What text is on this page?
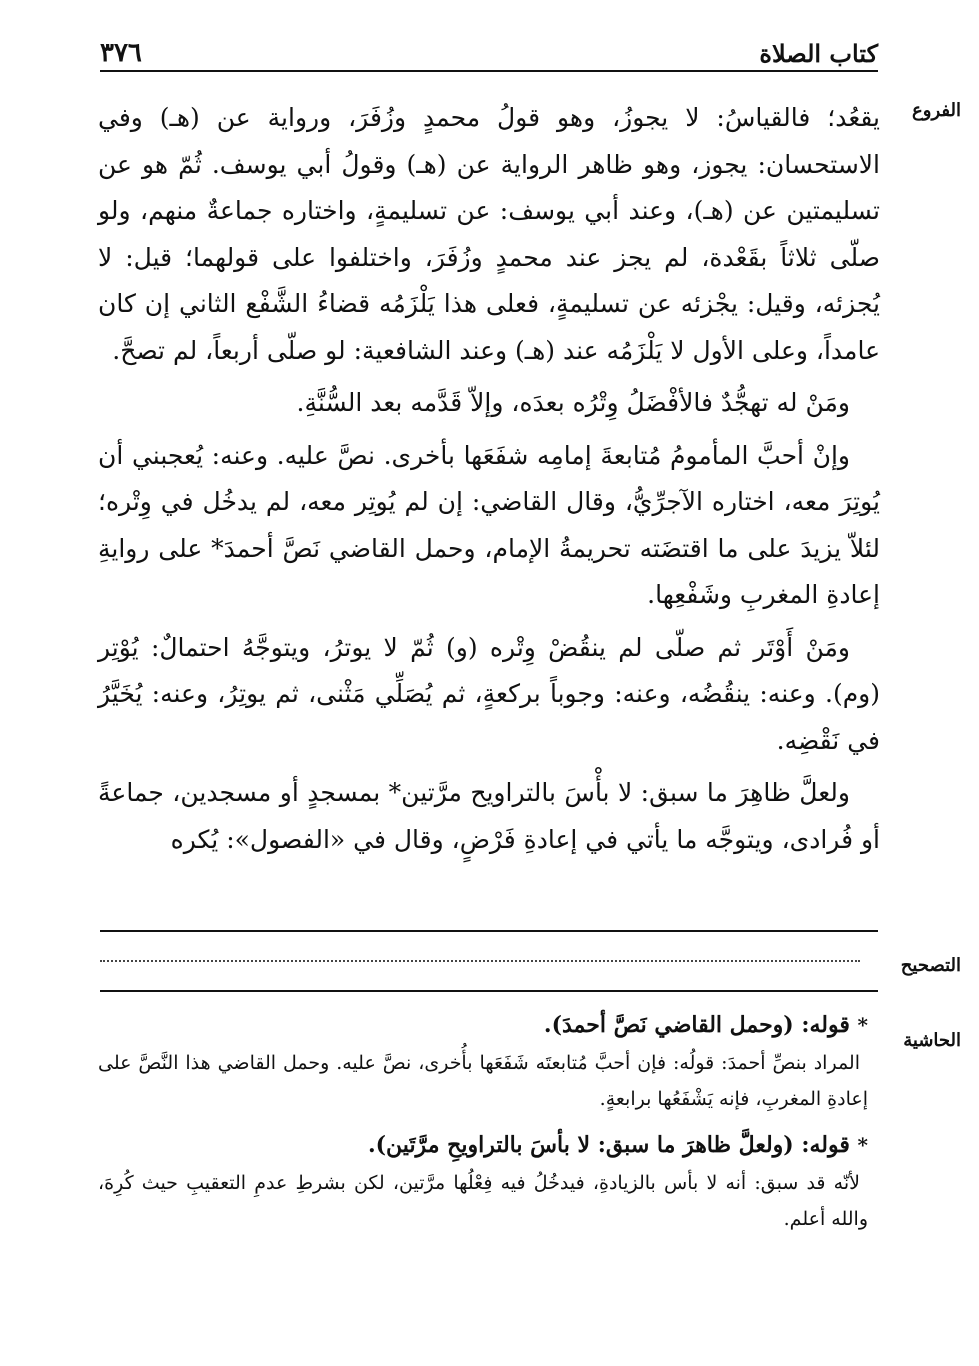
٣٧٦	كتاب الصلاة
الفروع
التصحيح
الحاشية

يقعُد؛ فالقياسُ: لا يجوزُ، وهو قولُ محمدٍ وزُفَرَ، ورواية عن (هـ) وفي الاستحسان: يجوز، وهو ظاهر الرواية عن (هـ) وقولُ أبي يوسف. ثُمّ هو عن تسليمتين عن (هـ)، وعند أبي يوسف: عن تسليمةٍ، واختاره جماعةٌ منهم، ولو صلّى ثلاثاً بقَعْدة، لم يجز عند محمدٍ وزُفَرَ، واختلفوا على قولهما؛ قيل: لا يُجزئه، وقيل: يجْزئه عن تسليمةٍ، فعلى هذا يَلْزَمُه قضاءُ الشَّفْع الثاني إن كان عامداً، وعلى الأول لا يَلْزَمُه عند (هـ) وعند الشافعية: لو صلّى أربعاً، لم تصحَّ.

ومَنْ له تهجُّدٌ فالأفْضَلُ وِتْرُه بعدَه، وإلاّ قَدَّمه بعد السُّنَّةِ.

وإنْ أحبَّ المأمومُ مُتابعةَ إمامِه شفَعَها بأخرى. نصَّ عليه. وعنه: يُعجبني أن يُوتِرَ معه، اختاره الآجرِّيُّ، وقال القاضي: إن لم يُوتِر معه، لم يدخُل في وِتْره؛ لئلاّ يزيدَ على ما اقتضَته تحريمةُ الإمام، وحمل القاضي نَصَّ أحمدَ* على روايةِ إعادةِ المغربِ وشَفْعِها.

ومَنْ أَوْتَر ثم صلّى لم ينقُضْ وِتْره (و) ثُمّ لا يوترُ، ويتوجَّهُ احتمالٌ: يُوْتِر (وم). وعنه: ينقُضُه، وعنه: وجوباً بركعةٍ، ثم يُصَلِّي مَثْنى، ثم يوتِرُ، وعنه: يُخَيَّرُ في نَقْضِه.

ولعلَّ ظاهِرَ ما سبق: لا بأْسَ بالتراويح مرَّتين* بمسجدٍ أو مسجدين، جماعةً أو فُرادى، ويتوجَّه ما يأتي في إعادةِ فَرْضٍ، وقال في «الفصول»: يُكره

* قوله: (وحمل القاضي نَصَّ أحمدَ).

المراد بنصِّ أحمدَ: قولُه: فإن أحبَّ مُتابعتَه شَفَعَها بأُخرى، نصَّ عليه. وحمل القاضي هذا النَّصَّ على إعادةِ المغربِ، فإنه يَشْفَعُها برابعةٍ.

* قوله: (ولعلَّ ظاهرَ ما سبق: لا بأسَ بالتراويحِ مرَّتَين).

لأنّه قد سبق: أنه لا بأس بالزيادةِ، فيدخُلُ فيه فِعْلُها مرَّتين، لكن بشرطِ عدمِ التعقيبِ حيث كُرِهَ، والله أعلم.
